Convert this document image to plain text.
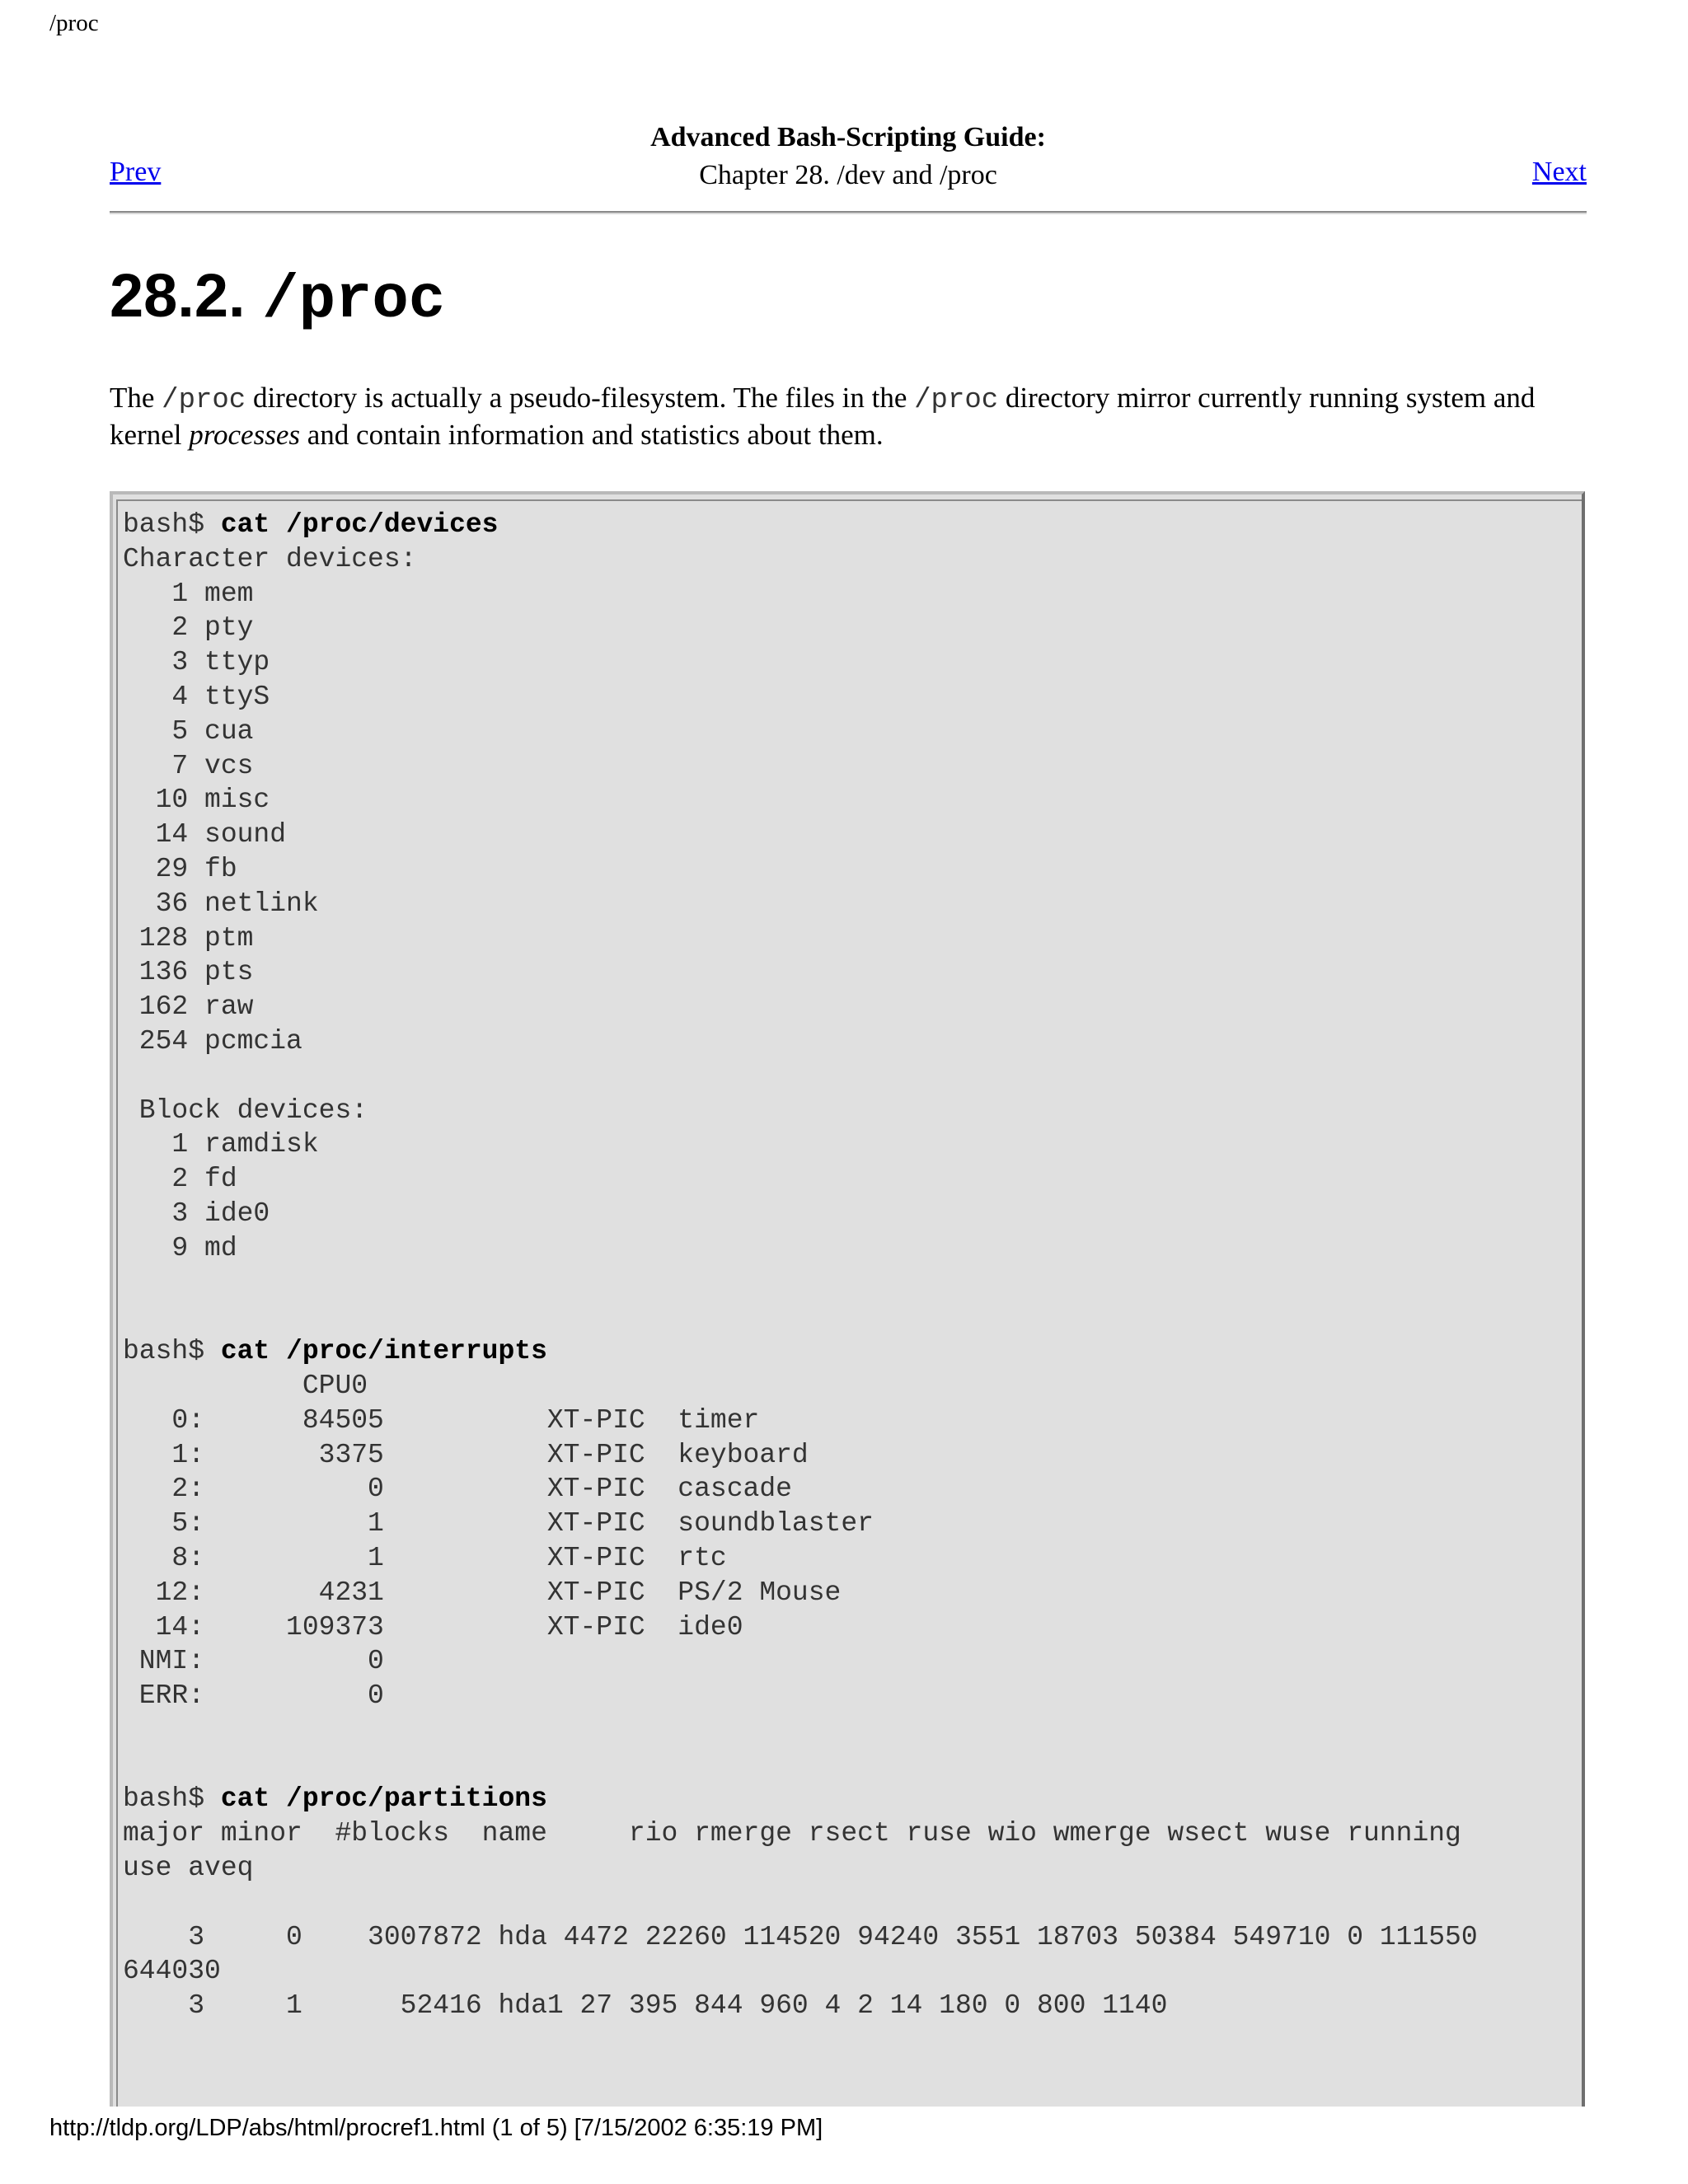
/proc
Advanced Bash-Scripting Guide:
Chapter 28. /dev and /proc
Prev	Next
28.2. /proc

The /proc directory is actually a pseudo-filesystem. The files in the /proc directory mirror currently running system and kernel processes and contain information and statistics about them.

bash$ cat /proc/devices
Character devices:
1 mem
2 pty
3 ttyp
4 ttyS
5 cua
7 vcs
10 misc
14 sound
29 fb
36 netlink
128 ptm
136 pts
162 raw
254 pcmcia

Block devices:
1 ramdisk
2 fd
3 ide0
9 md

bash$ cat /proc/interrupts
CPU0
0:      84505          XT-PIC  timer
1:       3375          XT-PIC  keyboard
2:          0          XT-PIC  cascade
5:          1          XT-PIC  soundblaster
8:          1          XT-PIC  rtc
12:       4231          XT-PIC  PS/2 Mouse
14:     109373          XT-PIC  ide0
NMI:          0
ERR:          0

bash$ cat /proc/partitions
major minor  #blocks  name     rio rmerge rsect ruse wio wmerge wsect wuse running
use aveq

3     0    3007872 hda 4472 22260 114520 94240 3551 18703 50384 549710 0 111550
644030
3     1      52416 hda1 27 395 844 960 4 2 14 180 0 800 1140
http://tldp.org/LDP/abs/html/procref1.html (1 of 5) [7/15/2002 6:35:19 PM]
